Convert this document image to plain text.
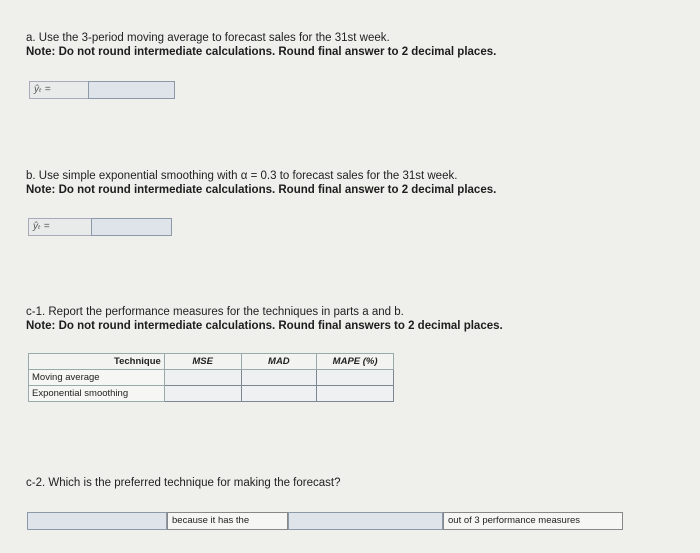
a. Use the 3-period moving average to forecast sales for the 31st week.
Note: Do not round intermediate calculations. Round final answer to 2 decimal places.
ŷₜ =
b. Use simple exponential smoothing with α = 0.3 to forecast sales for the 31st week.
Note: Do not round intermediate calculations. Round final answer to 2 decimal places.
ŷₜ =
c-1. Report the performance measures for the techniques in parts a and b.
Note: Do not round intermediate calculations. Round final answers to 2 decimal places.
Technique	MSE	MAD	MAPE (%)
Moving average			
Exponential smoothing			
c-2. Which is the preferred technique for making the forecast?
because it has the	out of 3 performance measures
